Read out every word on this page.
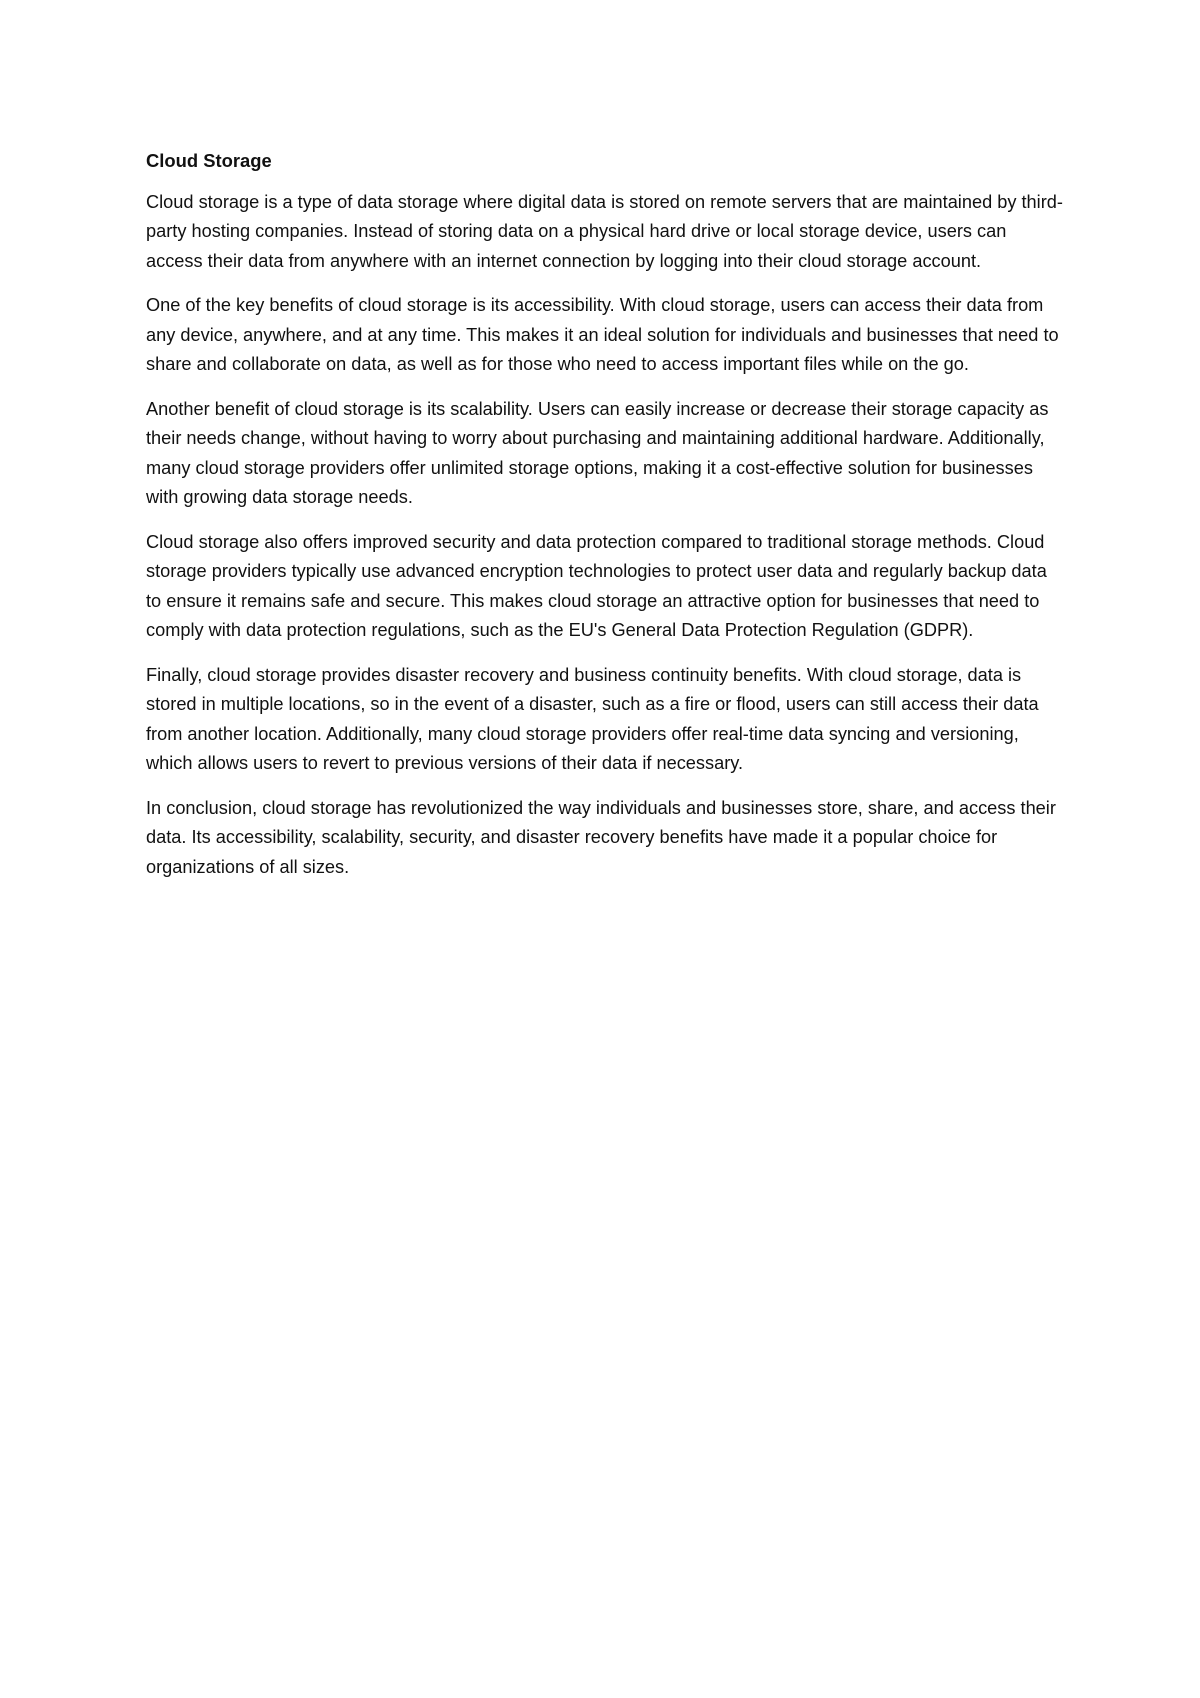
Cloud Storage

Cloud storage is a type of data storage where digital data is stored on remote servers that are maintained by third-party hosting companies. Instead of storing data on a physical hard drive or local storage device, users can access their data from anywhere with an internet connection by logging into their cloud storage account.

One of the key benefits of cloud storage is its accessibility. With cloud storage, users can access their data from any device, anywhere, and at any time. This makes it an ideal solution for individuals and businesses that need to share and collaborate on data, as well as for those who need to access important files while on the go.

Another benefit of cloud storage is its scalability. Users can easily increase or decrease their storage capacity as their needs change, without having to worry about purchasing and maintaining additional hardware. Additionally, many cloud storage providers offer unlimited storage options, making it a cost-effective solution for businesses with growing data storage needs.

Cloud storage also offers improved security and data protection compared to traditional storage methods. Cloud storage providers typically use advanced encryption technologies to protect user data and regularly backup data to ensure it remains safe and secure. This makes cloud storage an attractive option for businesses that need to comply with data protection regulations, such as the EU's General Data Protection Regulation (GDPR).

Finally, cloud storage provides disaster recovery and business continuity benefits. With cloud storage, data is stored in multiple locations, so in the event of a disaster, such as a fire or flood, users can still access their data from another location. Additionally, many cloud storage providers offer real-time data syncing and versioning, which allows users to revert to previous versions of their data if necessary.

In conclusion, cloud storage has revolutionized the way individuals and businesses store, share, and access their data. Its accessibility, scalability, security, and disaster recovery benefits have made it a popular choice for organizations of all sizes.
